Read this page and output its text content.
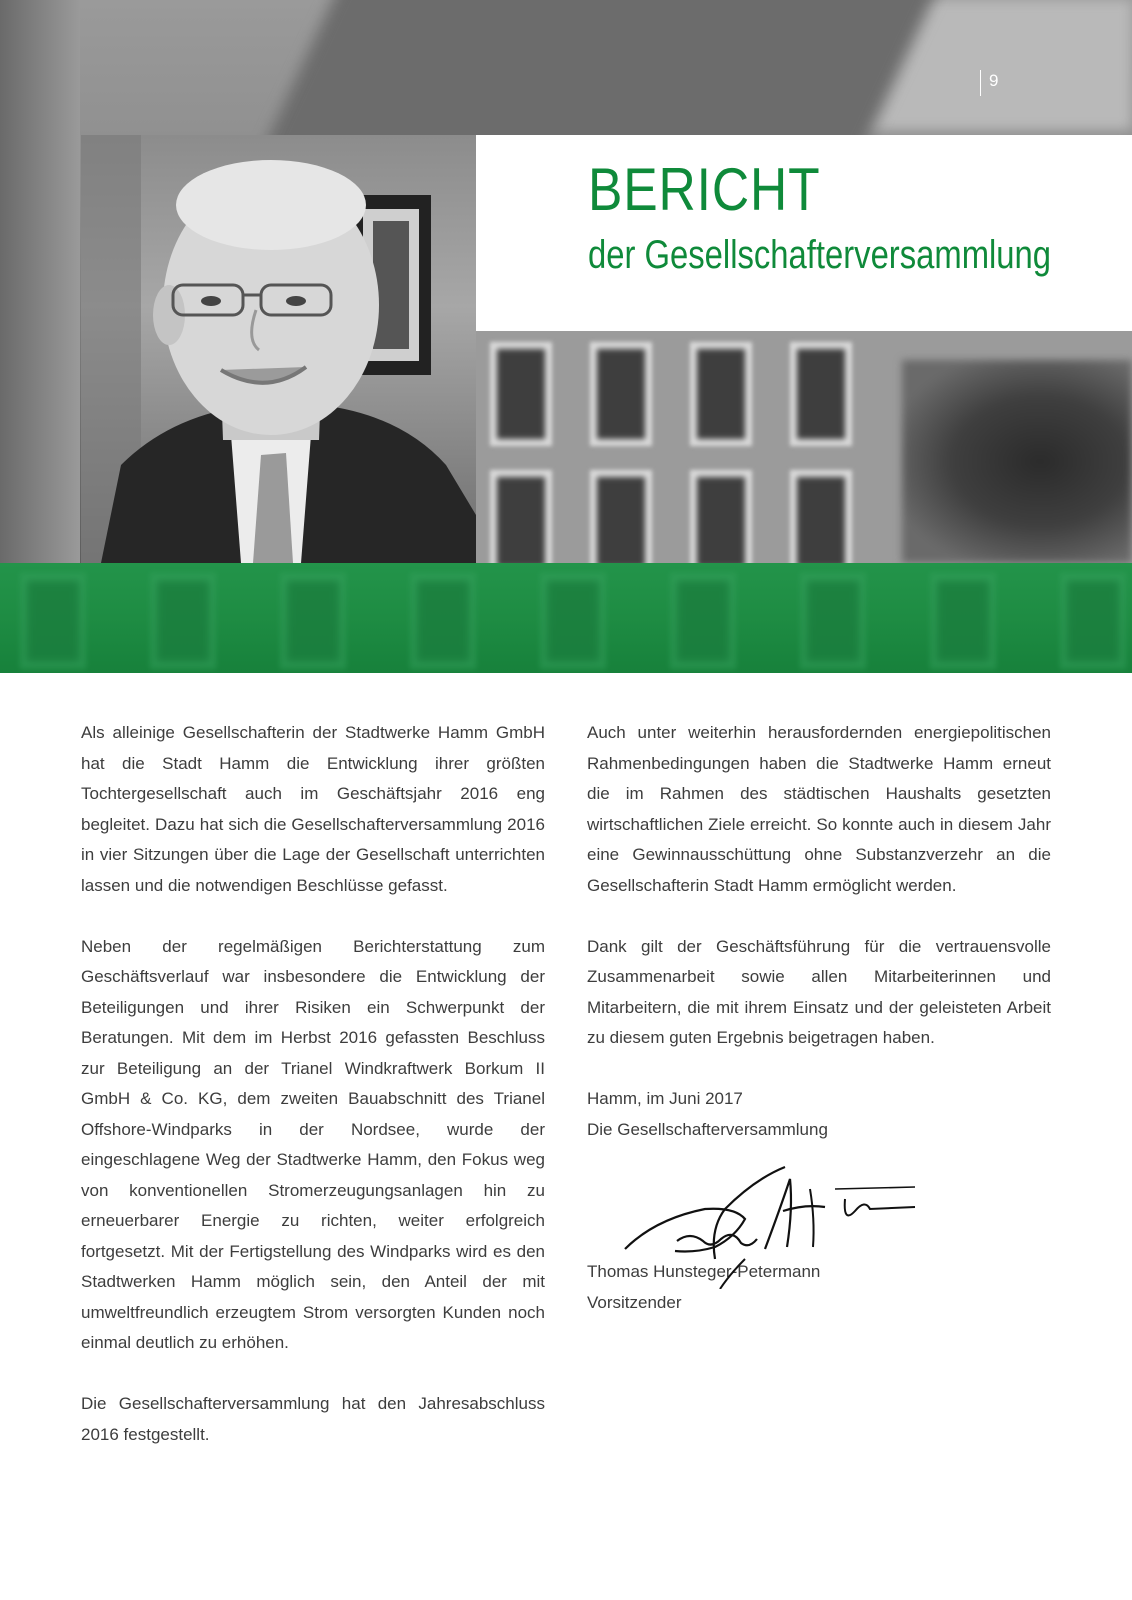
9
BERICHT
der Gesellschafterversammlung

Als alleinige Gesellschafterin der Stadtwerke Hamm GmbH hat die Stadt Hamm die Entwicklung ihrer größten Tochtergesellschaft auch im Geschäftsjahr 2016 eng begleitet. Dazu hat sich die Gesellschafterversammlung 2016 in vier Sitzungen über die Lage der Gesellschaft unterrichten lassen und die notwendigen Beschlüsse gefasst.

Neben der regelmäßigen Berichterstattung zum Geschäftsverlauf war insbesondere die Entwicklung der Beteiligungen und ihrer Risiken ein Schwerpunkt der Beratungen. Mit dem im Herbst 2016 gefassten Beschluss zur Beteiligung an der Trianel Windkraftwerk Borkum II GmbH & Co. KG, dem zweiten Bauabschnitt des Trianel Offshore-Windparks in der Nordsee, wurde der eingeschlagene Weg der Stadtwerke Hamm, den Fokus weg von konventionellen Stromerzeugungsanlagen hin zu erneuerbarer Energie zu richten, weiter erfolgreich fortgesetzt. Mit der Fertigstellung des Windparks wird es den Stadtwerken Hamm möglich sein, den Anteil der mit umweltfreundlich erzeugtem Strom versorgten Kunden noch einmal deutlich zu erhöhen.

Die Gesellschafterversammlung hat den Jahresabschluss 2016 festgestellt.

Auch unter weiterhin herausfordernden energiepolitischen Rahmenbedingungen haben die Stadtwerke Hamm erneut die im Rahmen des städtischen Haushalts gesetzten wirtschaftlichen Ziele erreicht. So konnte auch in diesem Jahr eine Gewinnausschüttung ohne Substanzverzehr an die Gesellschafterin Stadt Hamm ermöglicht werden.

Dank gilt der Geschäftsführung für die vertrauensvolle Zusammenarbeit sowie allen Mitarbeiterinnen und Mitarbeitern, die mit ihrem Einsatz und der geleisteten Arbeit zu diesem guten Ergebnis beigetragen haben.

Hamm, im Juni 2017

Die Gesellschafterversammlung

Thomas Hunsteger-Petermann

Vorsitzender
